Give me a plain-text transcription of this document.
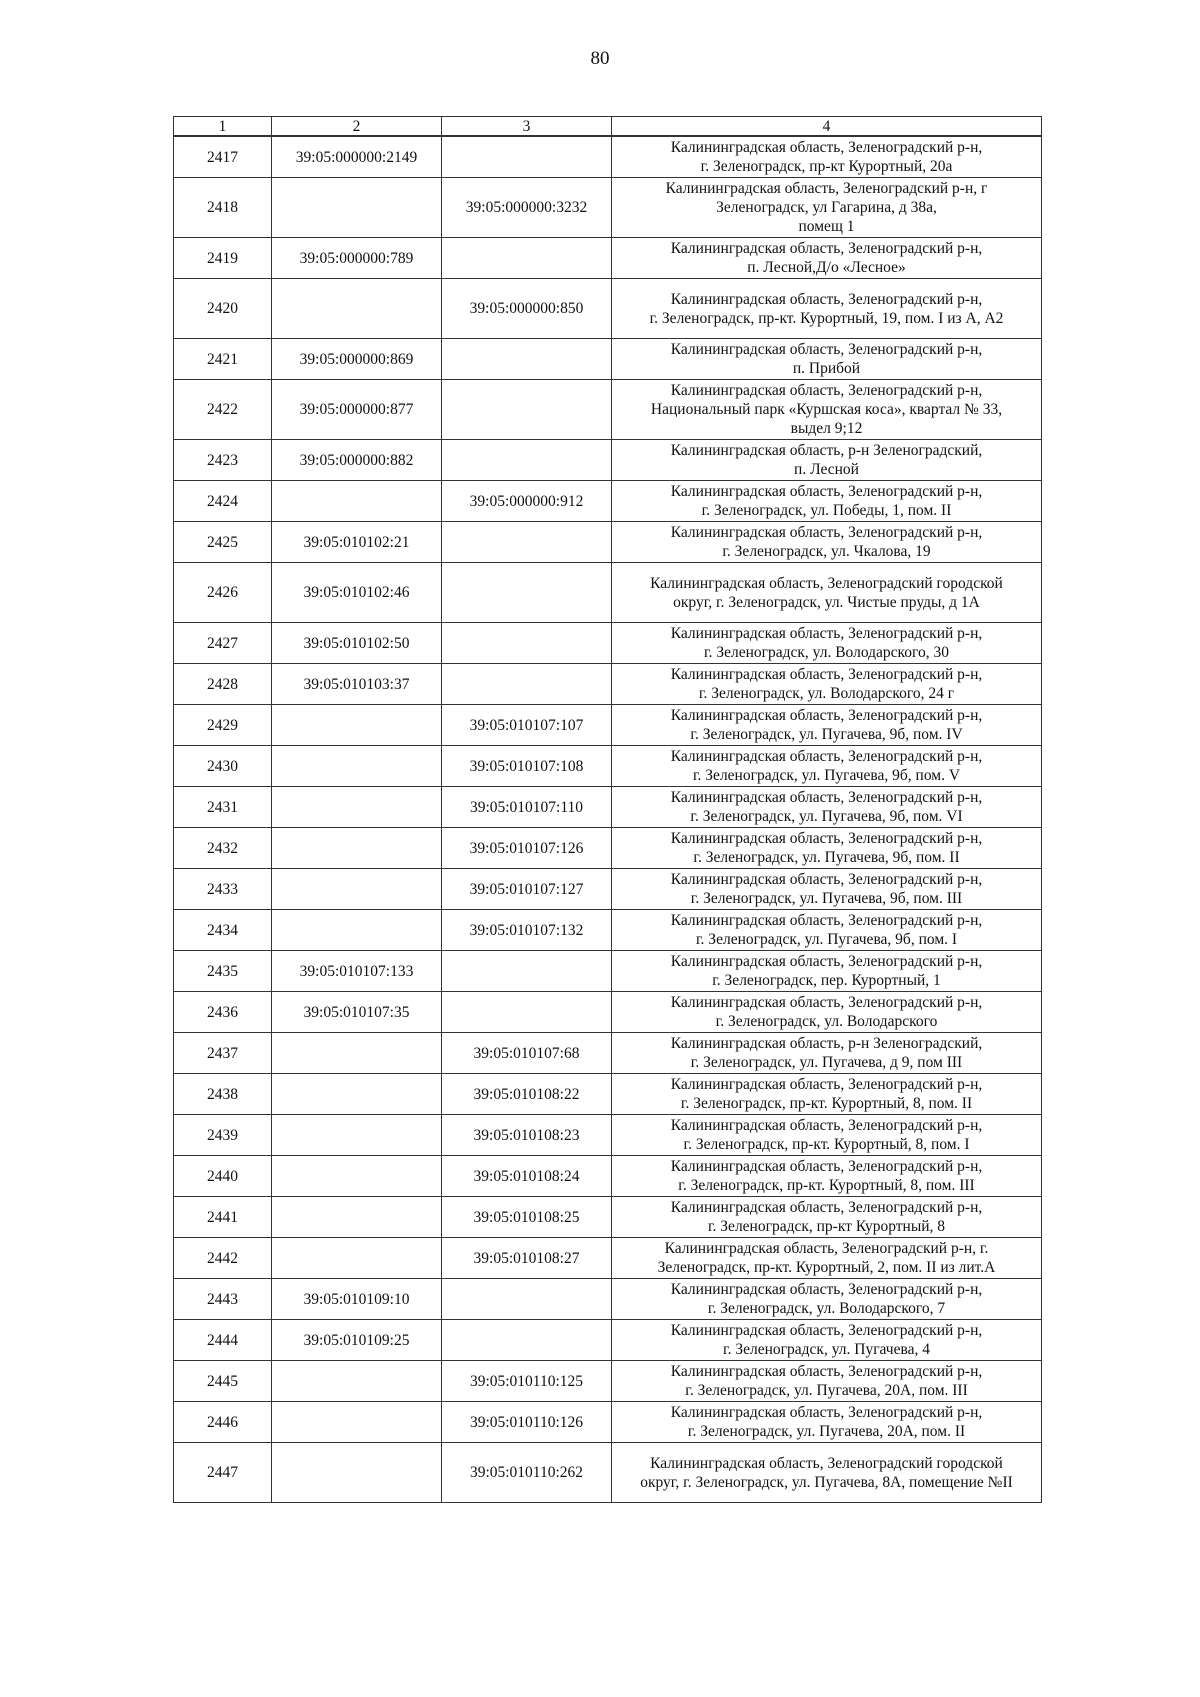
80
1	2	3	4
2417	39:05:000000:2149		Калининградская область, Зеленоградский р-н,
г. Зеленоградск, пр-кт Курортный, 20а
2418		39:05:000000:3232	Калининградская область, Зеленоградский р-н, г
Зеленоградск, ул Гагарина, д 38а,
помещ 1
2419	39:05:000000:789		Калининградская область, Зеленоградский р-н,
п. Лесной,Д/о «Лесное»
2420		39:05:000000:850	Калининградская область, Зеленоградский р-н,
г. Зеленоградск, пр-кт. Курортный, 19, пом. I из А, А2
2421	39:05:000000:869		Калининградская область, Зеленоградский р-н,
п. Прибой
2422	39:05:000000:877		Калининградская область, Зеленоградский р-н,
Национальный парк «Куршская коса», квартал № 33,
выдел 9;12
2423	39:05:000000:882		Калининградская область, р-н Зеленоградский,
п. Лесной
2424		39:05:000000:912	Калининградская область, Зеленоградский р-н,
г. Зеленоградск, ул. Победы, 1, пом. II
2425	39:05:010102:21		Калининградская область, Зеленоградский р-н,
г. Зеленоградск, ул. Чкалова, 19
2426	39:05:010102:46		Калининградская область, Зеленоградский городской
округ, г. Зеленоградск, ул. Чистые пруды, д 1А
2427	39:05:010102:50		Калининградская область, Зеленоградский р-н,
г. Зеленоградск, ул. Володарского, 30
2428	39:05:010103:37		Калининградская область, Зеленоградский р-н,
г. Зеленоградск, ул. Володарского, 24 г
2429		39:05:010107:107	Калининградская область, Зеленоградский р-н,
г. Зеленоградск, ул. Пугачева, 9б, пом. IV
2430		39:05:010107:108	Калининградская область, Зеленоградский р-н,
г. Зеленоградск, ул. Пугачева, 9б, пом. V
2431		39:05:010107:110	Калининградская область, Зеленоградский р-н,
г. Зеленоградск, ул. Пугачева, 9б, пом. VI
2432		39:05:010107:126	Калининградская область, Зеленоградский р-н,
г. Зеленоградск, ул. Пугачева, 9б, пом. II
2433		39:05:010107:127	Калининградская область, Зеленоградский р-н,
г. Зеленоградск, ул. Пугачева, 9б, пом. III
2434		39:05:010107:132	Калининградская область, Зеленоградский р-н,
г. Зеленоградск, ул. Пугачева, 9б, пом. I
2435	39:05:010107:133		Калининградская область, Зеленоградский р-н,
г. Зеленоградск, пер. Курортный, 1
2436	39:05:010107:35		Калининградская область, Зеленоградский р-н,
г. Зеленоградск, ул. Володарского
2437		39:05:010107:68	Калининградская область, р-н Зеленоградский,
г. Зеленоградск, ул. Пугачева, д 9, пом III
2438		39:05:010108:22	Калининградская область, Зеленоградский р-н,
г. Зеленоградск, пр-кт. Курортный, 8, пом. II
2439		39:05:010108:23	Калининградская область, Зеленоградский р-н,
г. Зеленоградск, пр-кт. Курортный, 8, пом. I
2440		39:05:010108:24	Калининградская область, Зеленоградский р-н,
г. Зеленоградск, пр-кт. Курортный, 8, пом. III
2441		39:05:010108:25	Калининградская область, Зеленоградский р-н,
г. Зеленоградск, пр-кт Курортный, 8
2442		39:05:010108:27	Калининградская область, Зеленоградский р-н, г.
Зеленоградск, пр-кт. Курортный, 2, пом. II из лит.А
2443	39:05:010109:10		Калининградская область, Зеленоградский р-н,
г. Зеленоградск, ул. Володарского, 7
2444	39:05:010109:25		Калининградская область, Зеленоградский р-н,
г. Зеленоградск, ул. Пугачева, 4
2445		39:05:010110:125	Калининградская область, Зеленоградский р-н,
г. Зеленоградск, ул. Пугачева, 20А, пом. III
2446		39:05:010110:126	Калининградская область, Зеленоградский р-н,
г. Зеленоградск, ул. Пугачева, 20А, пом. II
2447		39:05:010110:262	Калининградская область, Зеленоградский городской
округ, г. Зеленоградск, ул. Пугачева, 8А, помещение №II
